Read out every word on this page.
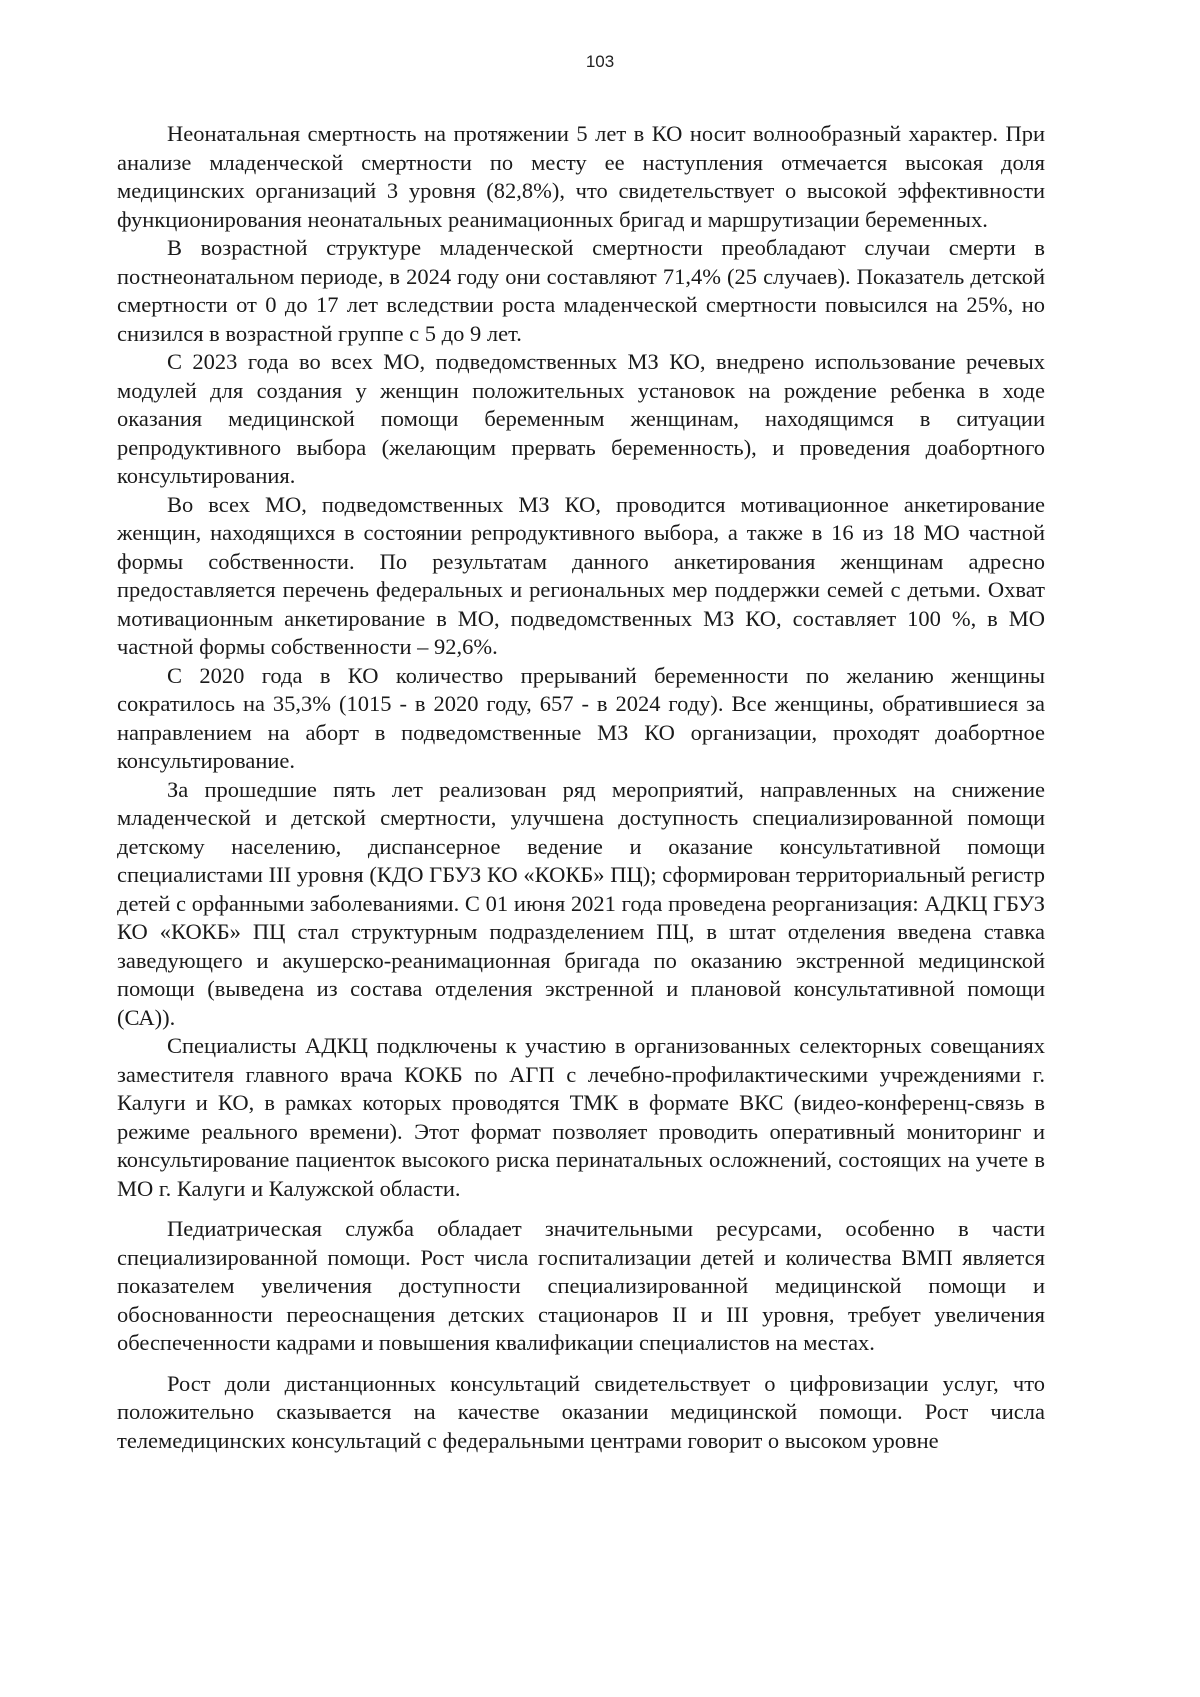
103

Неонатальная смертность на протяжении 5 лет в КО носит волнообразный характер. При анализе младенческой смертности по месту ее наступления отмечается высокая доля медицинских организаций 3 уровня (82,8%), что свидетельствует о высокой эффективности функционирования неонатальных реанимационных бригад и маршрутизации беременных.

В возрастной структуре младенческой смертности преобладают случаи смерти в постнеонатальном периоде, в 2024 году они составляют 71,4% (25 случаев). Показатель детской смертности от 0 до 17 лет вследствии роста младенческой смертности повысился на 25%, но снизился в возрастной группе с 5 до 9 лет.

С 2023 года во всех МО, подведомственных МЗ КО, внедрено использование речевых модулей для создания у женщин положительных установок на рождение ребенка в ходе оказания медицинской помощи беременным женщинам, находящимся в ситуации репродуктивного выбора (желающим прервать беременность), и проведения доабортного консультирования.

Во всех МО, подведомственных МЗ КО, проводится мотивационное анкетирование женщин, находящихся в состоянии репродуктивного выбора, а также в 16 из 18 МО частной формы собственности. По результатам данного анкетирования женщинам адресно предоставляется перечень федеральных и региональных мер поддержки семей с детьми. Охват мотивационным анкетирование в МО, подведомственных МЗ КО, составляет 100 %, в МО частной формы собственности – 92,6%.

С 2020 года в КО количество прерываний беременности по желанию женщины сократилось на 35,3% (1015 - в 2020 году, 657 - в 2024 году). Все женщины, обратившиеся за направлением на аборт в подведомственные МЗ КО организации, проходят доабортное консультирование.

За прошедшие пять лет реализован ряд мероприятий, направленных на снижение младенческой и детской смертности, улучшена доступность специализированной помощи детскому населению, диспансерное ведение и оказание консультативной помощи специалистами III уровня (КДО ГБУЗ КО «КОКБ» ПЦ); сформирован территориальный регистр детей с орфанными заболеваниями. С 01 июня 2021 года проведена реорганизация: АДКЦ ГБУЗ КО «КОКБ» ПЦ стал структурным подразделением ПЦ, в штат отделения введена ставка заведующего и акушерско-реанимационная бригада по оказанию экстренной медицинской помощи (выведена из состава отделения экстренной и плановой консультативной помощи (СА)).

Специалисты АДКЦ подключены к участию в организованных селекторных совещаниях заместителя главного врача КОКБ по АГП с лечебно-профилактическими учреждениями г. Калуги и КО, в рамках которых проводятся ТМК в формате ВКС (видео-конференц-связь в режиме реального времени). Этот формат позволяет проводить оперативный мониторинг и консультирование пациенток высокого риска перинатальных осложнений, состоящих на учете в МО г. Калуги и Калужской области.

Педиатрическая служба обладает значительными ресурсами, особенно в части специализированной помощи. Рост числа госпитализации детей и количества ВМП является показателем увеличения доступности специализированной медицинской помощи и обоснованности переоснащения детских стационаров II и III уровня, требует увеличения обеспеченности кадрами и повышения квалификации специалистов на местах.

Рост доли дистанционных консультаций свидетельствует о цифровизации услуг, что положительно сказывается на качестве оказании медицинской помощи. Рост числа телемедицинских консультаций с федеральными центрами говорит о высоком уровне
